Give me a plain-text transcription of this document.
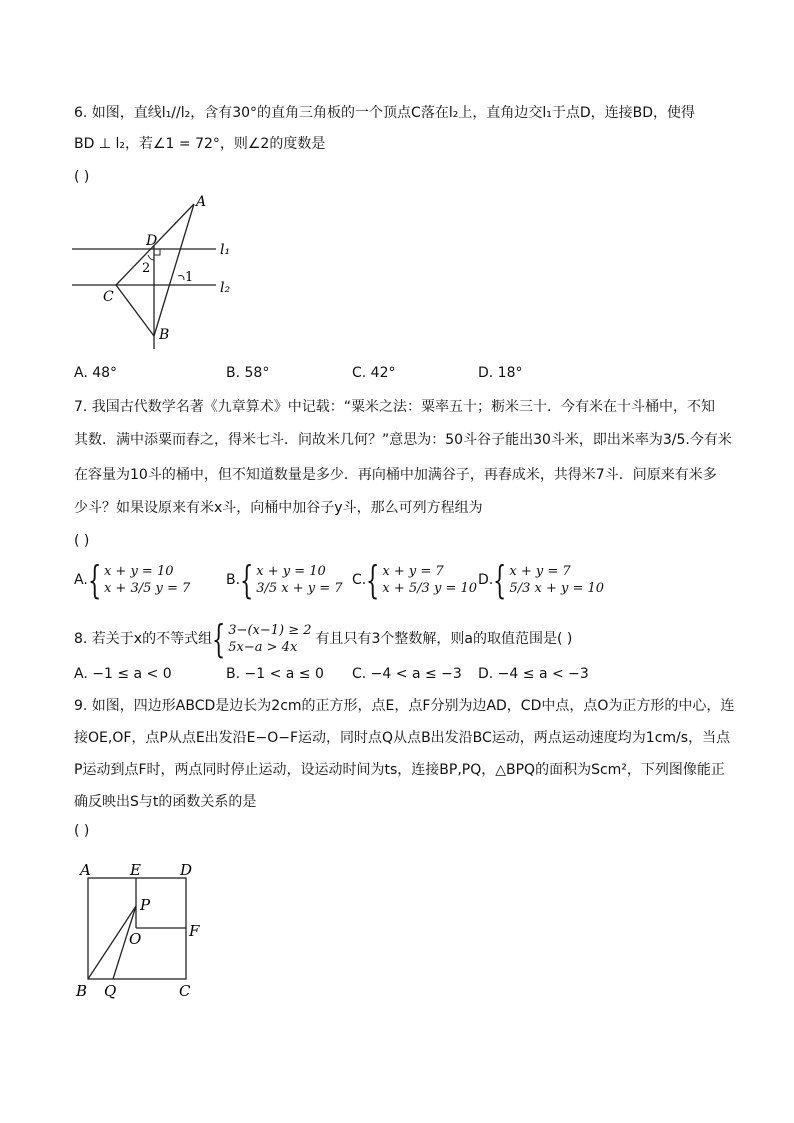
6. 如图，直线l₁//l₂，含有30°的直角三角板的一个顶点C落在l₂上，直角边交l₁于点D，连接BD，使得
BD ⊥ l₂，若∠1 = 72°，则∠2的度数是
( )
A
D
C
B
l₁
l₂
1
2
A. 48°	B. 58°	C. 42°	D. 18°
7. 我国古代数学名著《九章算术》中记载：“粟米之法：粟率五十；粝米三十．今有米在十斗桶中，不知
其数．满中添粟而舂之，得米七斗．问故米几何？”意思为：50斗谷子能出30斗米，即出米率为3/5.今有米
在容量为10斗的桶中，但不知道数量是多少．再向桶中加满谷子，再舂成米，共得米7斗．问原来有米多
少斗？如果设原来有米x斗，向桶中加谷子y斗，那么可列方程组为
( )
A. { x + y = 10
x + 3/5 y = 7
B. { x + y = 10
3/5 x + y = 7
C. { x + y = 7
x + 5/3 y = 10
D. { x + y = 7
5/3 x + y = 10
8. 若关于x的不等式组 { 3−(x−1) ≥ 2
5x−a > 4x
有且只有3个整数解，则a的取值范围是( )
A. −1 ≤ a < 0	B. −1 < a ≤ 0 C. −4 < a ≤ −3 D. −4 ≤ a < −3
9. 如图，四边形ABCD是边长为2cm的正方形，点E，点F分别为边AD，CD中点，点O为正方形的中心，连
接OE,OF，点P从点E出发沿E−O−F运动，同时点Q从点B出发沿BC运动，两点运动速度均为1cm/s，当点
P运动到点F时，两点同时停止运动，设运动时间为ts，连接BP,PQ，△BPQ的面积为Scm²，下列图像能正
确反映出S与t的函数关系的是
( )
A	E	D
P
O	F
B Q	C
